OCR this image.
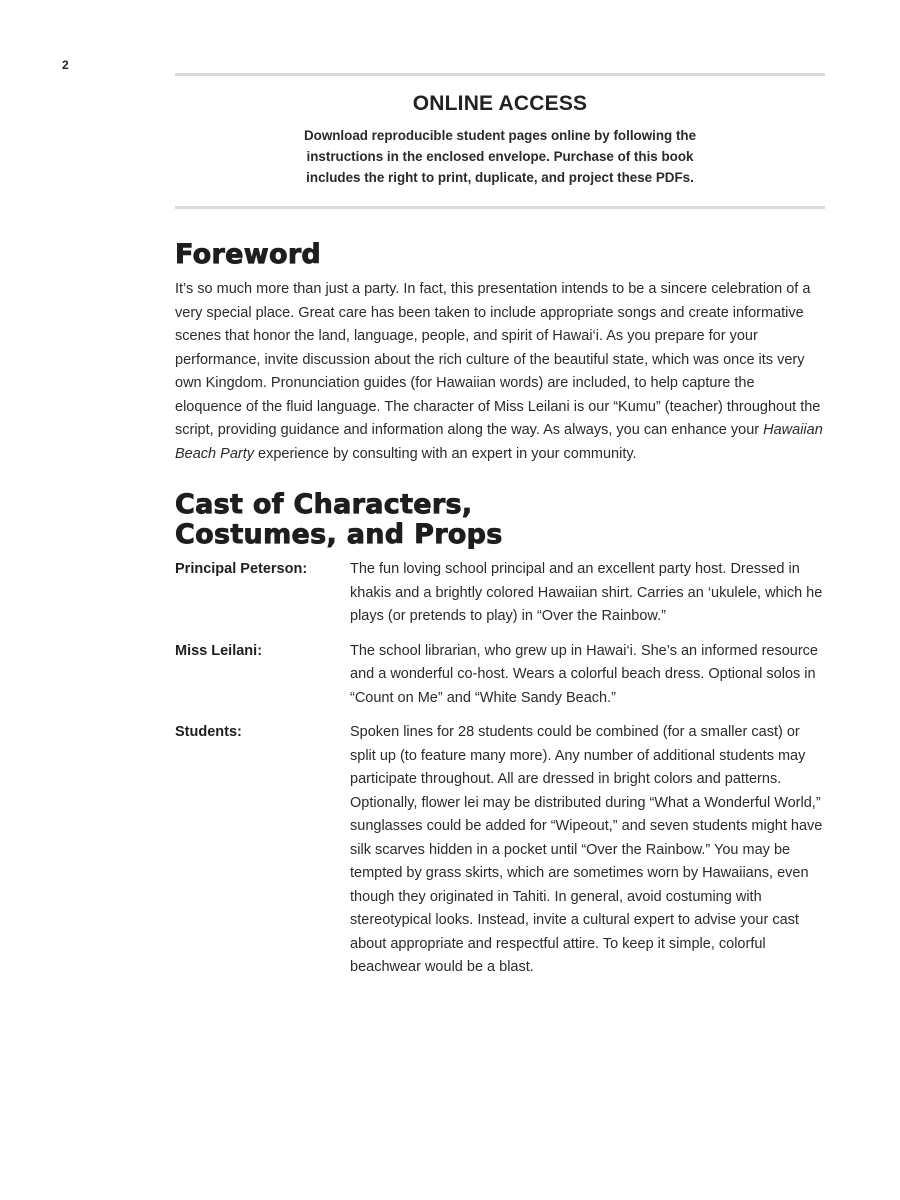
2
ONLINE ACCESS
Download reproducible student pages online by following the
instructions in the enclosed envelope. Purchase of this book
includes the right to print, duplicate, and project these PDFs.
Foreword

It’s so much more than just a party. In fact, this presentation intends to be a sincere celebration of a very special place. Great care has been taken to include appropriate songs and create informative scenes that honor the land, language, people, and spirit of Hawai‘i. As you prepare for your performance, invite discussion about the rich culture of the beautiful state, which was once its very own Kingdom. Pronunciation guides (for Hawaiian words) are included, to help capture the eloquence of the fluid language. The character of Miss Leilani is our “Kumu” (teacher) throughout the script, providing guidance and information along the way. As always, you can enhance your Hawaiian Beach Party experience by consulting with an expert in your community.

Cast of Characters,
Costumes, and Props
Principal Peterson:	The fun loving school principal and an excellent party host. Dressed in khakis and a brightly colored Hawaiian shirt. Carries an ‘ukulele, which he plays (or pretends to play) in “Over the Rainbow.”
Miss Leilani:	The school librarian, who grew up in Hawai‘i. She’s an informed resource and a wonderful co-host. Wears a colorful beach dress. Optional solos in “Count on Me” and “White Sandy Beach.”
Students:	Spoken lines for 28 students could be combined (for a smaller cast) or split up (to feature many more). Any number of additional students may participate throughout. All are dressed in bright colors and patterns. Optionally, flower lei may be distributed during “What a Wonderful World,” sunglasses could be added for “Wipeout,” and seven students might have silk scarves hidden in a pocket until “Over the Rainbow.” You may be tempted by grass skirts, which are sometimes worn by Hawaiians, even though they originated in Tahiti. In general, avoid costuming with stereotypical looks. Instead, invite a cultural expert to advise your cast about appropriate and respectful attire. To keep it simple, colorful beachwear would be a blast.
